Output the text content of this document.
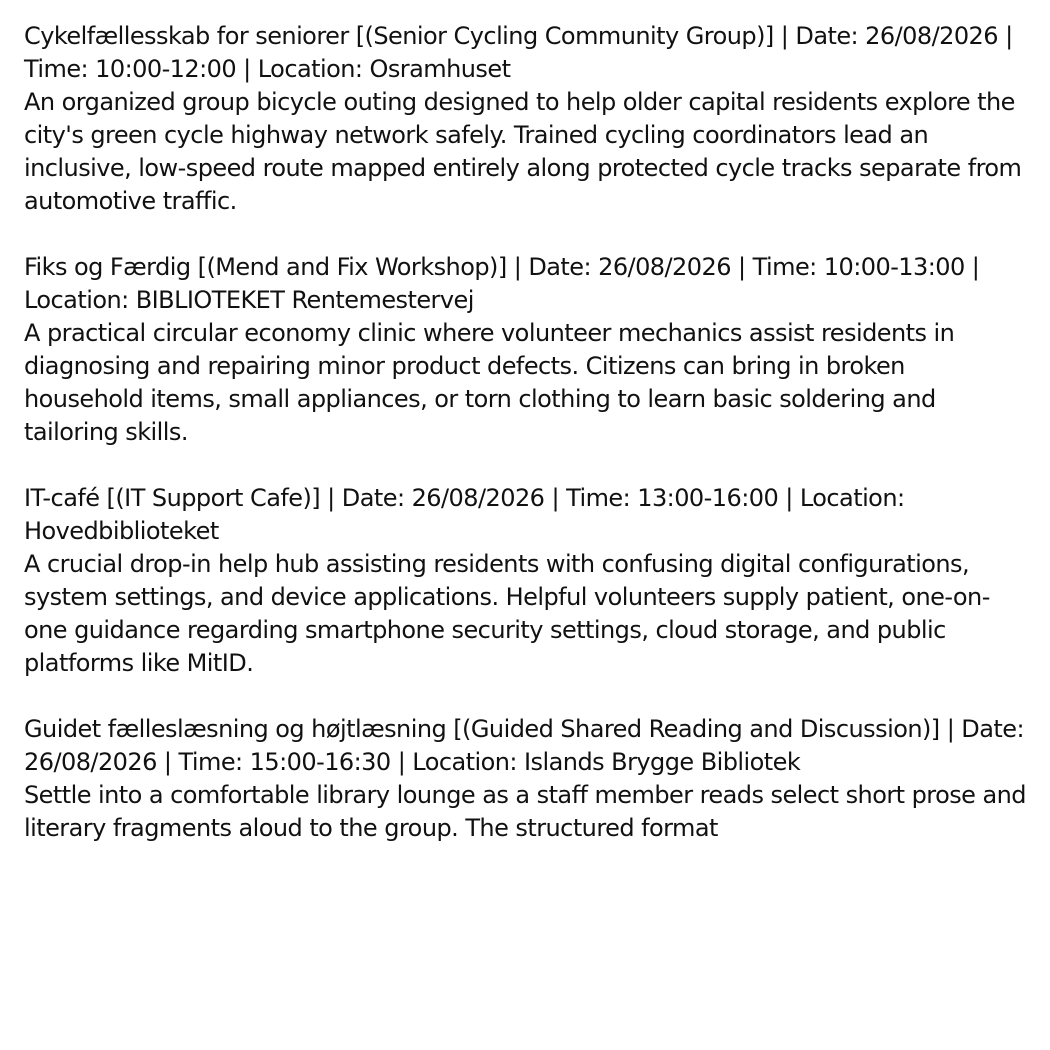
Cykelfællesskab for seniorer [(Senior Cycling Community Group)] | Date: 26/08/2026 | Time: 10:00-12:00 | Location: Osramhuset

An organized group bicycle outing designed to help older capital residents explore the city's green cycle highway network safely. Trained cycling coordinators lead an inclusive, low-speed route mapped entirely along protected cycle tracks separate from automotive traffic.

Fiks og Færdig [(Mend and Fix Workshop)] | Date: 26/08/2026 | Time: 10:00-13:00 | Location: BIBLIOTEKET Rentemestervej

A practical circular economy clinic where volunteer mechanics assist residents in diagnosing and repairing minor product defects. Citizens can bring in broken household items, small appliances, or torn clothing to learn basic soldering and tailoring skills.

IT-café [(IT Support Cafe)] | Date: 26/08/2026 | Time: 13:00-16:00 | Location: Hovedbiblioteket

A crucial drop-in help hub assisting residents with confusing digital configurations, system settings, and device applications. Helpful volunteers supply patient, one-on-one guidance regarding smartphone security settings, cloud storage, and public platforms like MitID.

Guidet fælleslæsning og højtlæsning [(Guided Shared Reading and Discussion)] | Date: 26/08/2026 | Time: 15:00-16:30 | Location: Islands Brygge Bibliotek

Settle into a comfortable library lounge as a staff member reads select short prose and literary fragments aloud to the group. The structured format
